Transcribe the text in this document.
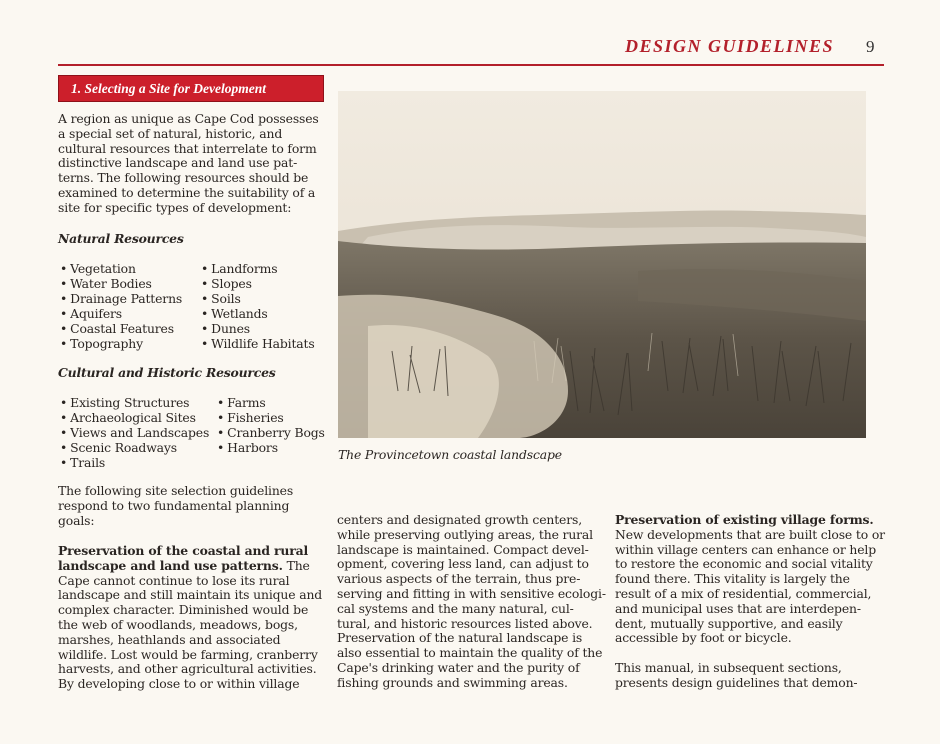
DESIGN GUIDELINES 9
1. Selecting a Site for Development

A region as unique as Cape Cod possesses
a special set of natural, historic, and
cultural resources that interrelate to form
distinctive landscape and land use pat-
terns. The following resources should be
examined to determine the suitability of a
site for specific types of development:

Natural Resources
• Vegetation
• Water Bodies
• Drainage Patterns
• Aquifers
• Coastal Features
• Topography
• Landforms
• Slopes
• Soils
• Wetlands
• Dunes
• Wildlife Habitats
Cultural and Historic Resources
• Existing Structures
• Archaeological Sites
• Views and Landscapes
• Scenic Roadways
• Trails
• Farms
• Fisheries
• Cranberry Bogs
• Harbors

The following site selection guidelines
respond to two fundamental planning
goals:

Preservation of the coastal and rural
landscape and land use patterns. The
Cape cannot continue to lose its rural
landscape and still maintain its unique and
complex character. Diminished would be
the web of woodlands, meadows, bogs,
marshes, heathlands and associated
wildlife. Lost would be farming, cranberry
harvests, and other agricultural activities.
By developing close to or within village

centers and designated growth centers,
while preserving outlying areas, the rural
landscape is maintained. Compact devel-
opment, covering less land, can adjust to
various aspects of the terrain, thus pre-
serving and fitting in with sensitive ecologi-
cal systems and the many natural, cul-
tural, and historic resources listed above.
Preservation of the natural landscape is
also essential to maintain the quality of the
Cape's drinking water and the purity of
fishing grounds and swimming areas.

Preservation of existing village forms.
New developments that are built close to or
within village centers can enhance or help
to restore the economic and social vitality
found there. This vitality is largely the
result of a mix of residential, commercial,
and municipal uses that are interdepen-
dent, mutually supportive, and easily
accessible by foot or bicycle.

This manual, in subsequent sections,
presents design guidelines that demon-

The Provincetown coastal landscape
